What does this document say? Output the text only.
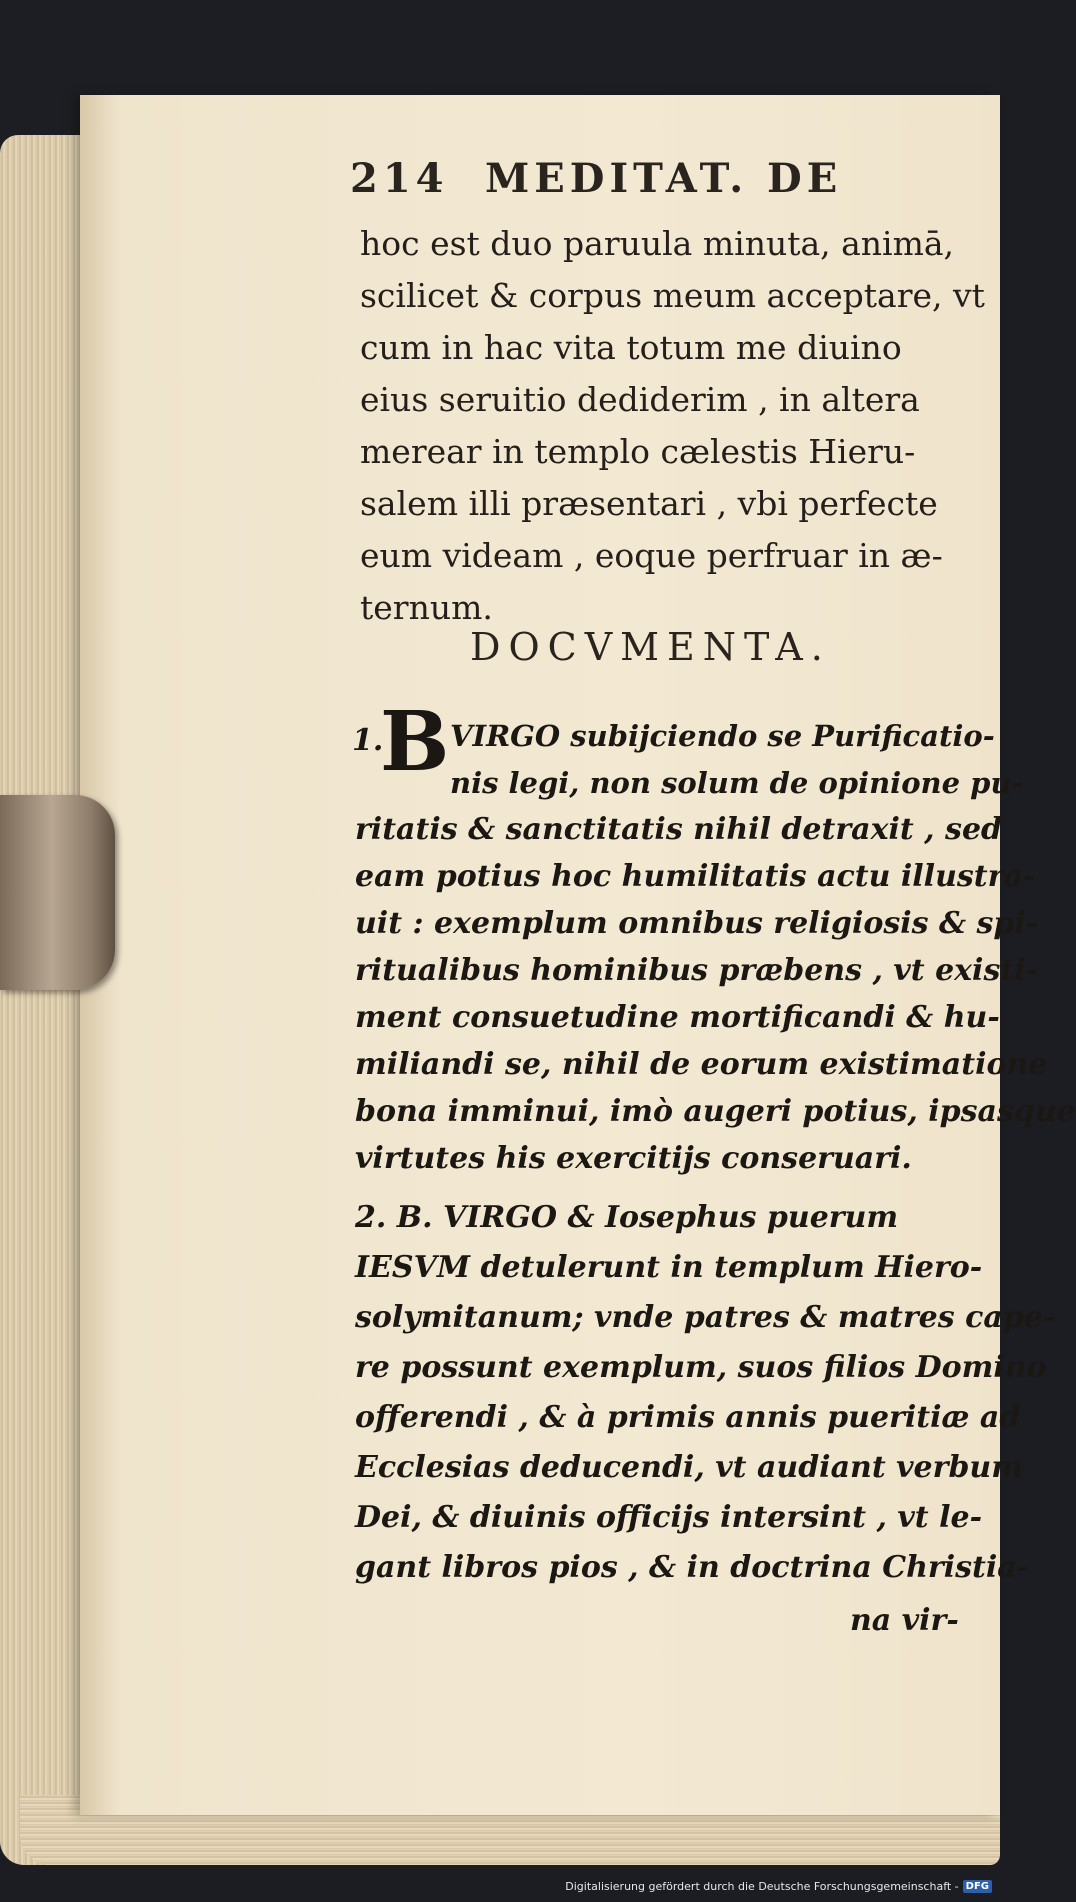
214 MEDITAT. DE
hoc est duo paruula minuta, animā,
scilicet & corpus meum acceptare, vt
cum in hac vita totum me diuino
eius seruitio dediderim , in altera
merear in templo cælestis Hieru-
salem illi præsentari , vbi perfecte
eum videam , eoque perfruar in æ-
ternum.
DOCVMENTA.
1.
B VIRGO subijciendo se Purificatio-
nis legi, non solum de opinione pu-
ritatis & sanctitatis nihil detraxit , sed
eam potius hoc humilitatis actu illustra-
uit : exemplum omnibus religiosis & spi-
ritualibus hominibus præbens , vt existi-
ment consuetudine mortificandi & hu-
miliandi se, nihil de eorum existimatione
bona imminui, imò augeri potius, ipsasque
virtutes his exercitijs conseruari.
2. B. VIRGO & Iosephus puerum
IESVM detulerunt in templum Hiero-
solymitanum; vnde patres & matres cape-
re possunt exemplum, suos filios Domino
offerendi , & à primis annis pueritiæ ad
Ecclesias deducendi, vt audiant verbum
Dei, & diuinis officijs intersint , vt le-
gant libros pios , & in doctrina Christia-
na vir-
Digitalisierung gefördert durch die Deutsche Forschungsgemeinschaft - DFG
